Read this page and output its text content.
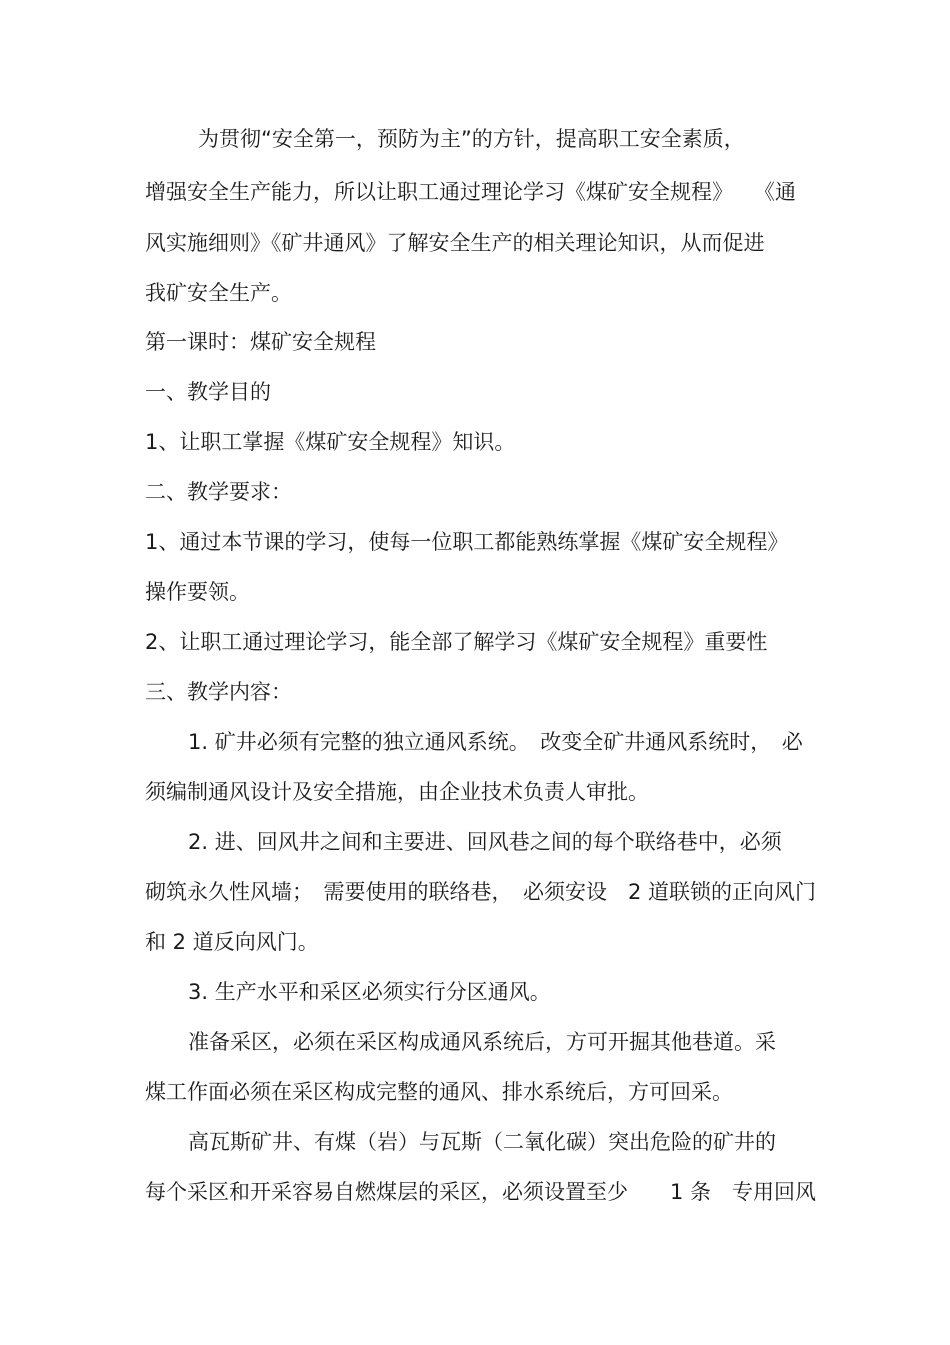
为贯彻“安全第一，预防为主”的方针，提高职工安全素质，
增强安全生产能力，所以让职工通过理论学习《煤矿安全规程》　　《通
风实施细则》《矿井通风》了解安全生产的相关理论知识，从而促进
我矿安全生产。
第一课时：煤矿安全规程
一、教学目的
1、让职工掌握《煤矿安全规程》知识。
二、教学要求：
1、通过本节课的学习，使每一位职工都能熟练掌握《煤矿安全规程》
操作要领。
2、让职工通过理论学习，能全部了解学习《煤矿安全规程》重要性
三、教学内容：
1. 矿井必须有完整的独立通风系统。　改变全矿井通风系统时，　必
须编制通风设计及安全措施，由企业技术负责人审批。
2. 进、回风井之间和主要进、回风巷之间的每个联络巷中，必须
砌筑永久性风墙；　需要使用的联络巷，　必须安设　2 道联锁的正向风门
和 2 道反向风门。
3. 生产水平和采区必须实行分区通风。
准备采区，必须在采区构成通风系统后，方可开掘其他巷道。采
煤工作面必须在采区构成完整的通风、排水系统后，方可回采。
高瓦斯矿井、有煤（岩）与瓦斯（二氧化碳）突出危险的矿井的
每个采区和开采容易自燃煤层的采区，必须设置至少　　1 条　专用回风
